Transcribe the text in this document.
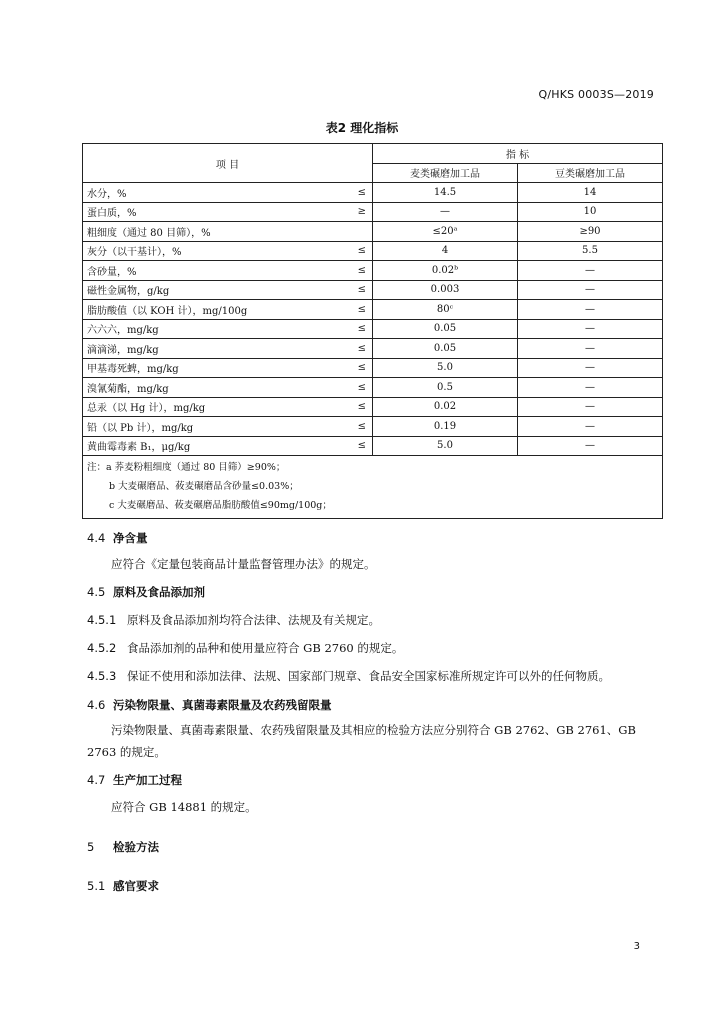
Q/HKS 0003S—2019
表2 理化指标
项 目		指 标	
		麦类碾磨加工品	豆类碾磨加工品
水分，%	≤	14.5	14
蛋白质，%	≥	—	10
粗细度（通过 80 目筛），%		≤20ᵃ	≥90
灰分（以干基计），%	≤	4	5.5
含砂量，%	≤	0.02ᵇ	—
磁性金属物，g/kg	≤	0.003	—
脂肪酸值（以 KOH 计），mg/100g	≤	80ᶜ	—
六六六，mg/kg	≤	0.05	—
滴滴涕，mg/kg	≤	0.05	—
甲基毒死蜱，mg/kg	≤	5.0	—
溴氰菊酯，mg/kg	≤	0.5	—
总汞（以 Hg 计），mg/kg	≤	0.02	—
铅（以 Pb 计），mg/kg	≤	0.19	—
黄曲霉毒素 B₁，μg/kg	≤	5.0	—

注：a 荞麦粉粗细度（通过 80 目筛）≥90%；
b 大麦碾磨品、莜麦碾磨品含砂量≤0.03%；
c 大麦碾磨品、莜麦碾磨品脂肪酸值≤90mg/100g；			
4.4 净含量
应符合《定量包装商品计量监督管理办法》的规定。
4.5 原料及食品添加剂
4.5.1 原料及食品添加剂均符合法律、法规及有关规定。
4.5.2 食品添加剂的品种和使用量应符合 GB 2760 的规定。
4.5.3 保证不使用和添加法律、法规、国家部门规章、食品安全国家标准所规定许可以外的任何物质。
4.6 污染物限量、真菌毒素限量及农药残留限量
污染物限量、真菌毒素限量、农药残留限量及其相应的检验方法应分别符合 GB 2762、GB 2761、GB 2763 的规定。
4.7 生产加工过程
应符合 GB 14881 的规定。
5 检验方法
5.1 感官要求
3
